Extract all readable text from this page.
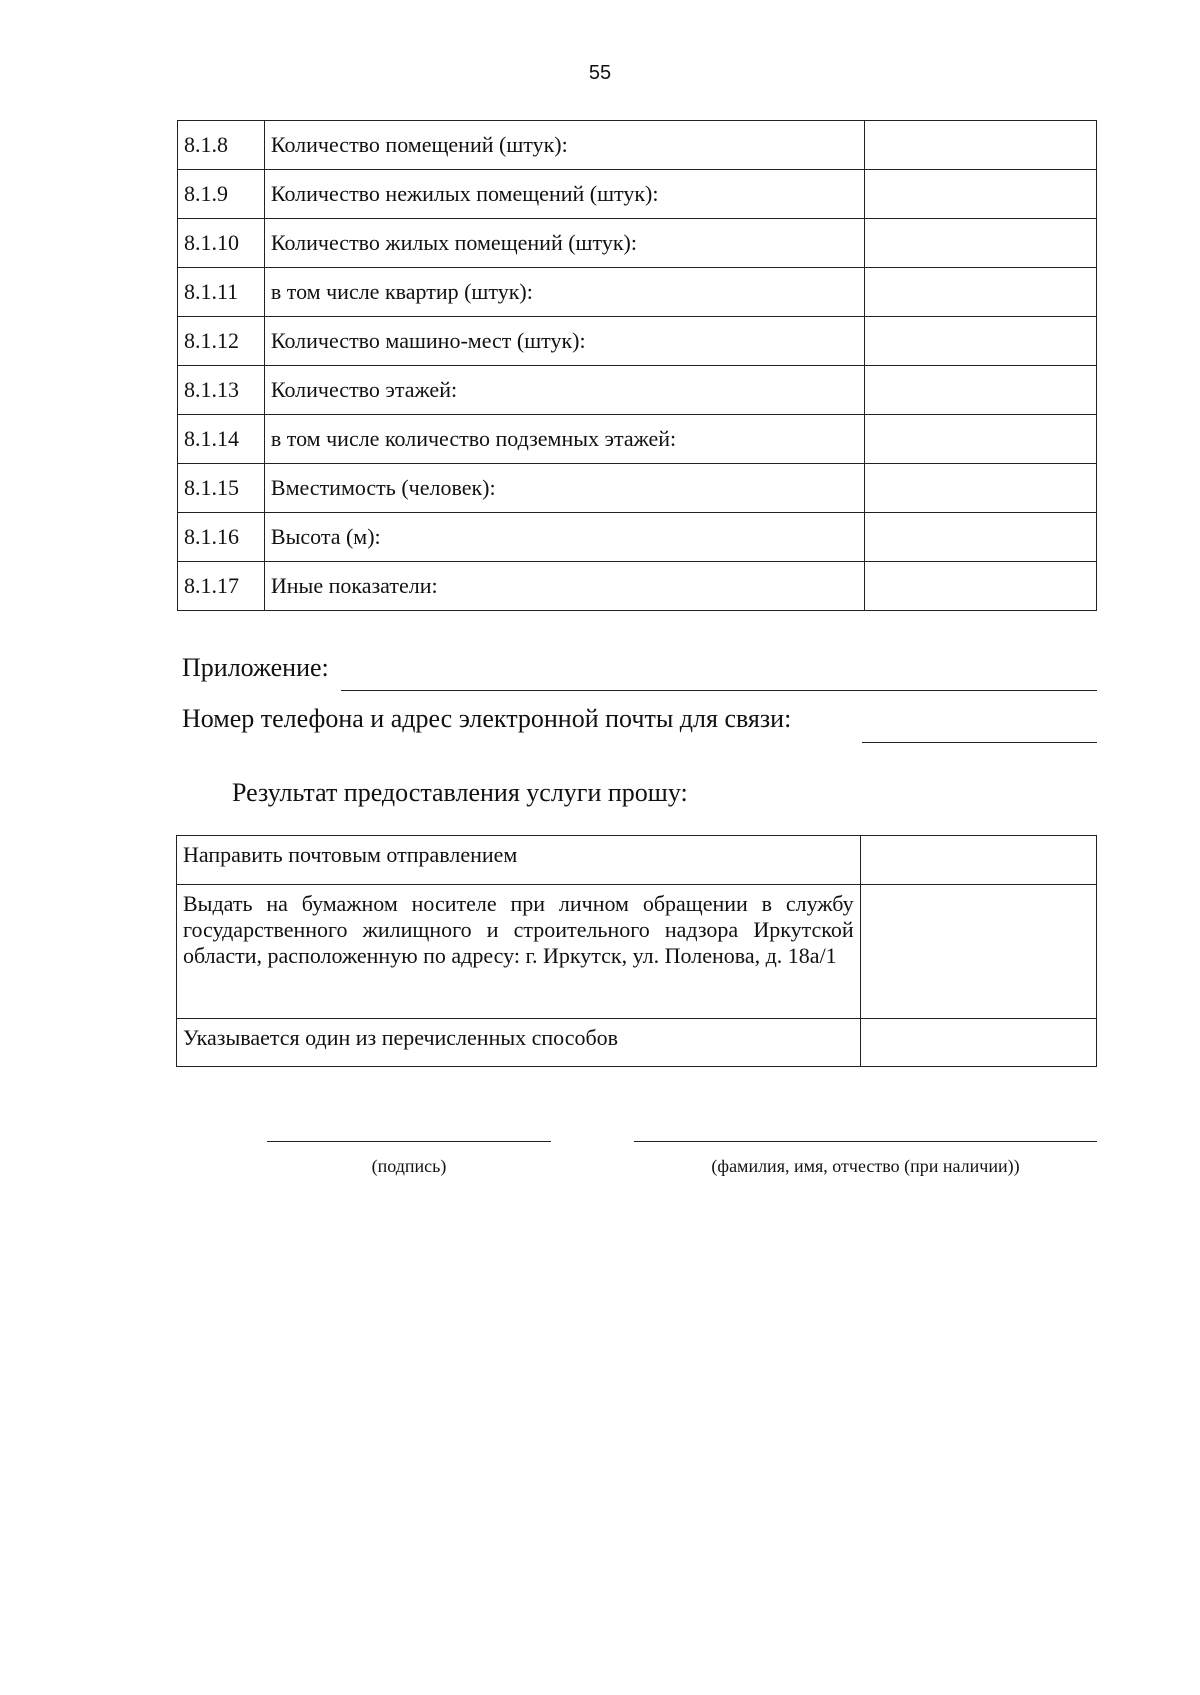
55
8.1.8	Количество помещений (штук):	
8.1.9	Количество нежилых помещений (штук):	
8.1.10	Количество жилых помещений (штук):	
8.1.11	в том числе квартир (штук):	
8.1.12	Количество машино-мест (штук):	
8.1.13	Количество этажей:	
8.1.14	в том числе количество подземных этажей:	
8.1.15	Вместимость (человек):	
8.1.16	Высота (м):	
8.1.17	Иные показатели:	
Приложение:
Номер телефона и адрес электронной почты для связи:
Результат предоставления услуги прошу:
Направить почтовым отправлением	
Выдать на бумажном носителе при личном обращении в службу государственного жилищного и строительного надзора Иркутской области, расположенную по адресу: г. Иркутск, ул. Поленова, д. 18а/1	
Указывается один из перечисленных способов	
(подпись)	(фамилия, имя, отчество (при наличии))
